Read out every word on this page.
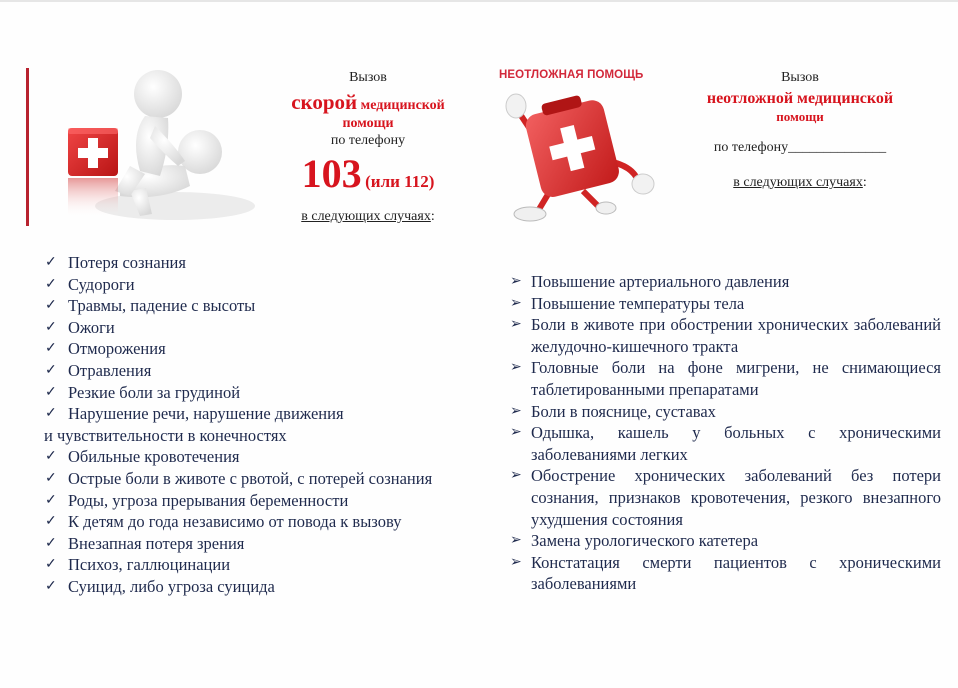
Вызов
скорой медицинской
помощи
по телефону
103 (или 112)
в следующих случаях:
НЕОТЛОЖНАЯ ПОМОЩЬ	Вызов
неотложной медицинской
помощи
по телефону______________
в следующих случаях:
✓ Потеря сознания
✓ Судороги
✓ Травмы, падение с высоты
✓ Ожоги
✓ Отморожения
✓ Отравления
✓ Резкие боли за грудиной
✓ Нарушение речи, нарушение движения
и чувствительности в конечностях
✓ Обильные кровотечения
✓ Острые боли в животе с рвотой, с потерей сознания
✓ Роды, угроза прерывания беременности
✓ К детям до года независимо от повода к вызову
✓ Внезапная потеря зрения
✓ Психоз, галлюцинации
✓ Суицид, либо угроза суицида
➢ Повышение артериального давления
➢ Повышение температуры тела
➢ Боли в животе при обострении хронических заболеваний желудочно-кишечного тракта
➢ Головные боли на фоне мигрени, не снимающиеся таблетированными препаратами
➢ Боли в пояснице, суставах
➢ Одышка, кашель у больных с хроническими заболеваниями легких
➢ Обострение хронических заболеваний без потери сознания, признаков кровотечения, резкого внезапного ухудшения состояния
➢ Замена урологического катетера
➢ Констатация смерти пациентов с хроническими заболеваниями
